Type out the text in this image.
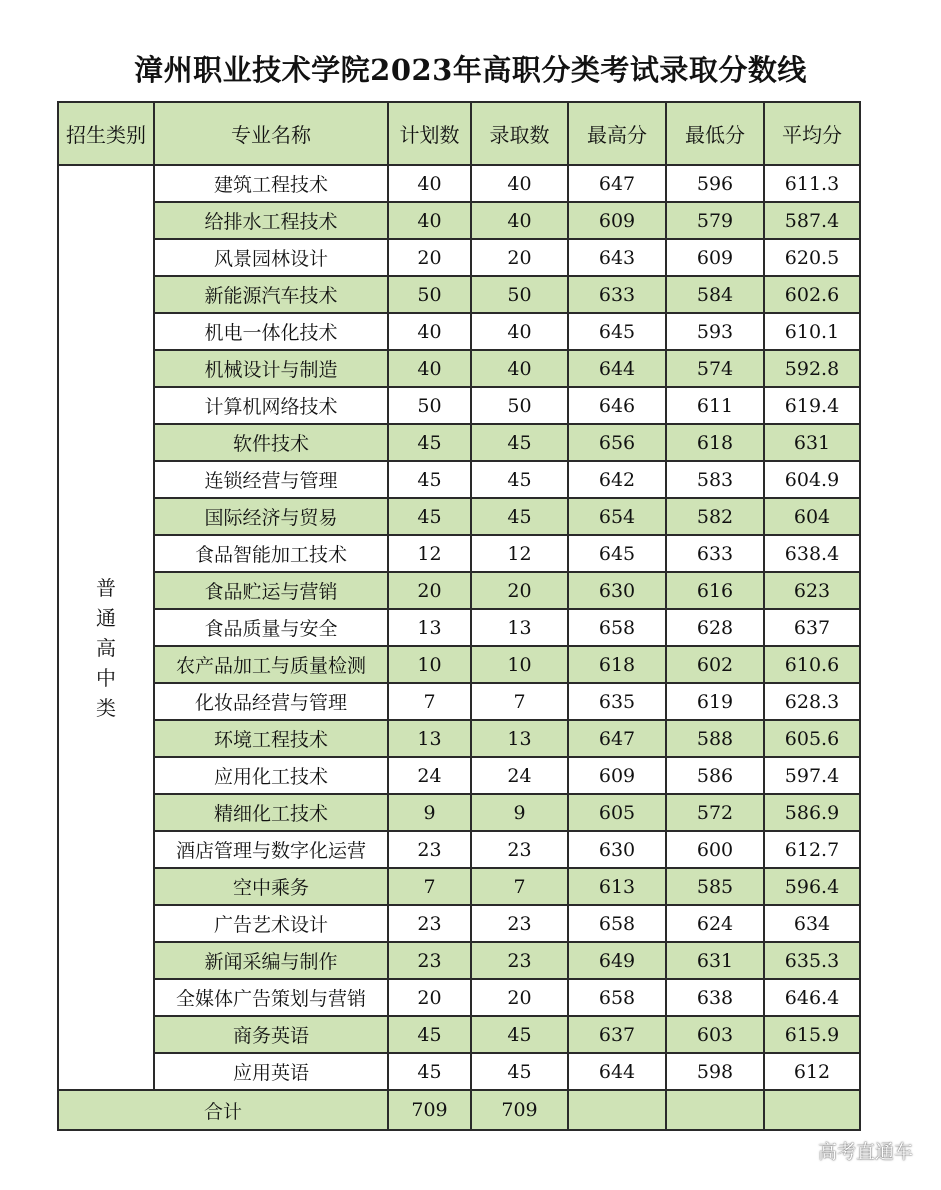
漳州职业技术学院2023年高职分类考试录取分数线
招生类别	专业名称	计划数	录取数	最高分	最低分	平均分
普通高中类	建筑工程技术	40	40	647	596	611.3
	给排水工程技术	40	40	609	579	587.4
	风景园林设计	20	20	643	609	620.5
	新能源汽车技术	50	50	633	584	602.6
	机电一体化技术	40	40	645	593	610.1
	机械设计与制造	40	40	644	574	592.8
	计算机网络技术	50	50	646	611	619.4
	软件技术	45	45	656	618	631
	连锁经营与管理	45	45	642	583	604.9
	国际经济与贸易	45	45	654	582	604
	食品智能加工技术	12	12	645	633	638.4
	食品贮运与营销	20	20	630	616	623
	食品质量与安全	13	13	658	628	637
	农产品加工与质量检测	10	10	618	602	610.6
	化妆品经营与管理	7	7	635	619	628.3
	环境工程技术	13	13	647	588	605.6
	应用化工技术	24	24	609	586	597.4
	精细化工技术	9	9	605	572	586.9
	酒店管理与数字化运营	23	23	630	600	612.7
	空中乘务	7	7	613	585	596.4
	广告艺术设计	23	23	658	624	634
	新闻采编与制作	23	23	649	631	635.3
	全媒体广告策划与营销	20	20	658	638	646.4
	商务英语	45	45	637	603	615.9
	应用英语	45	45	644	598	612
合计		709	709			
高考直通车
